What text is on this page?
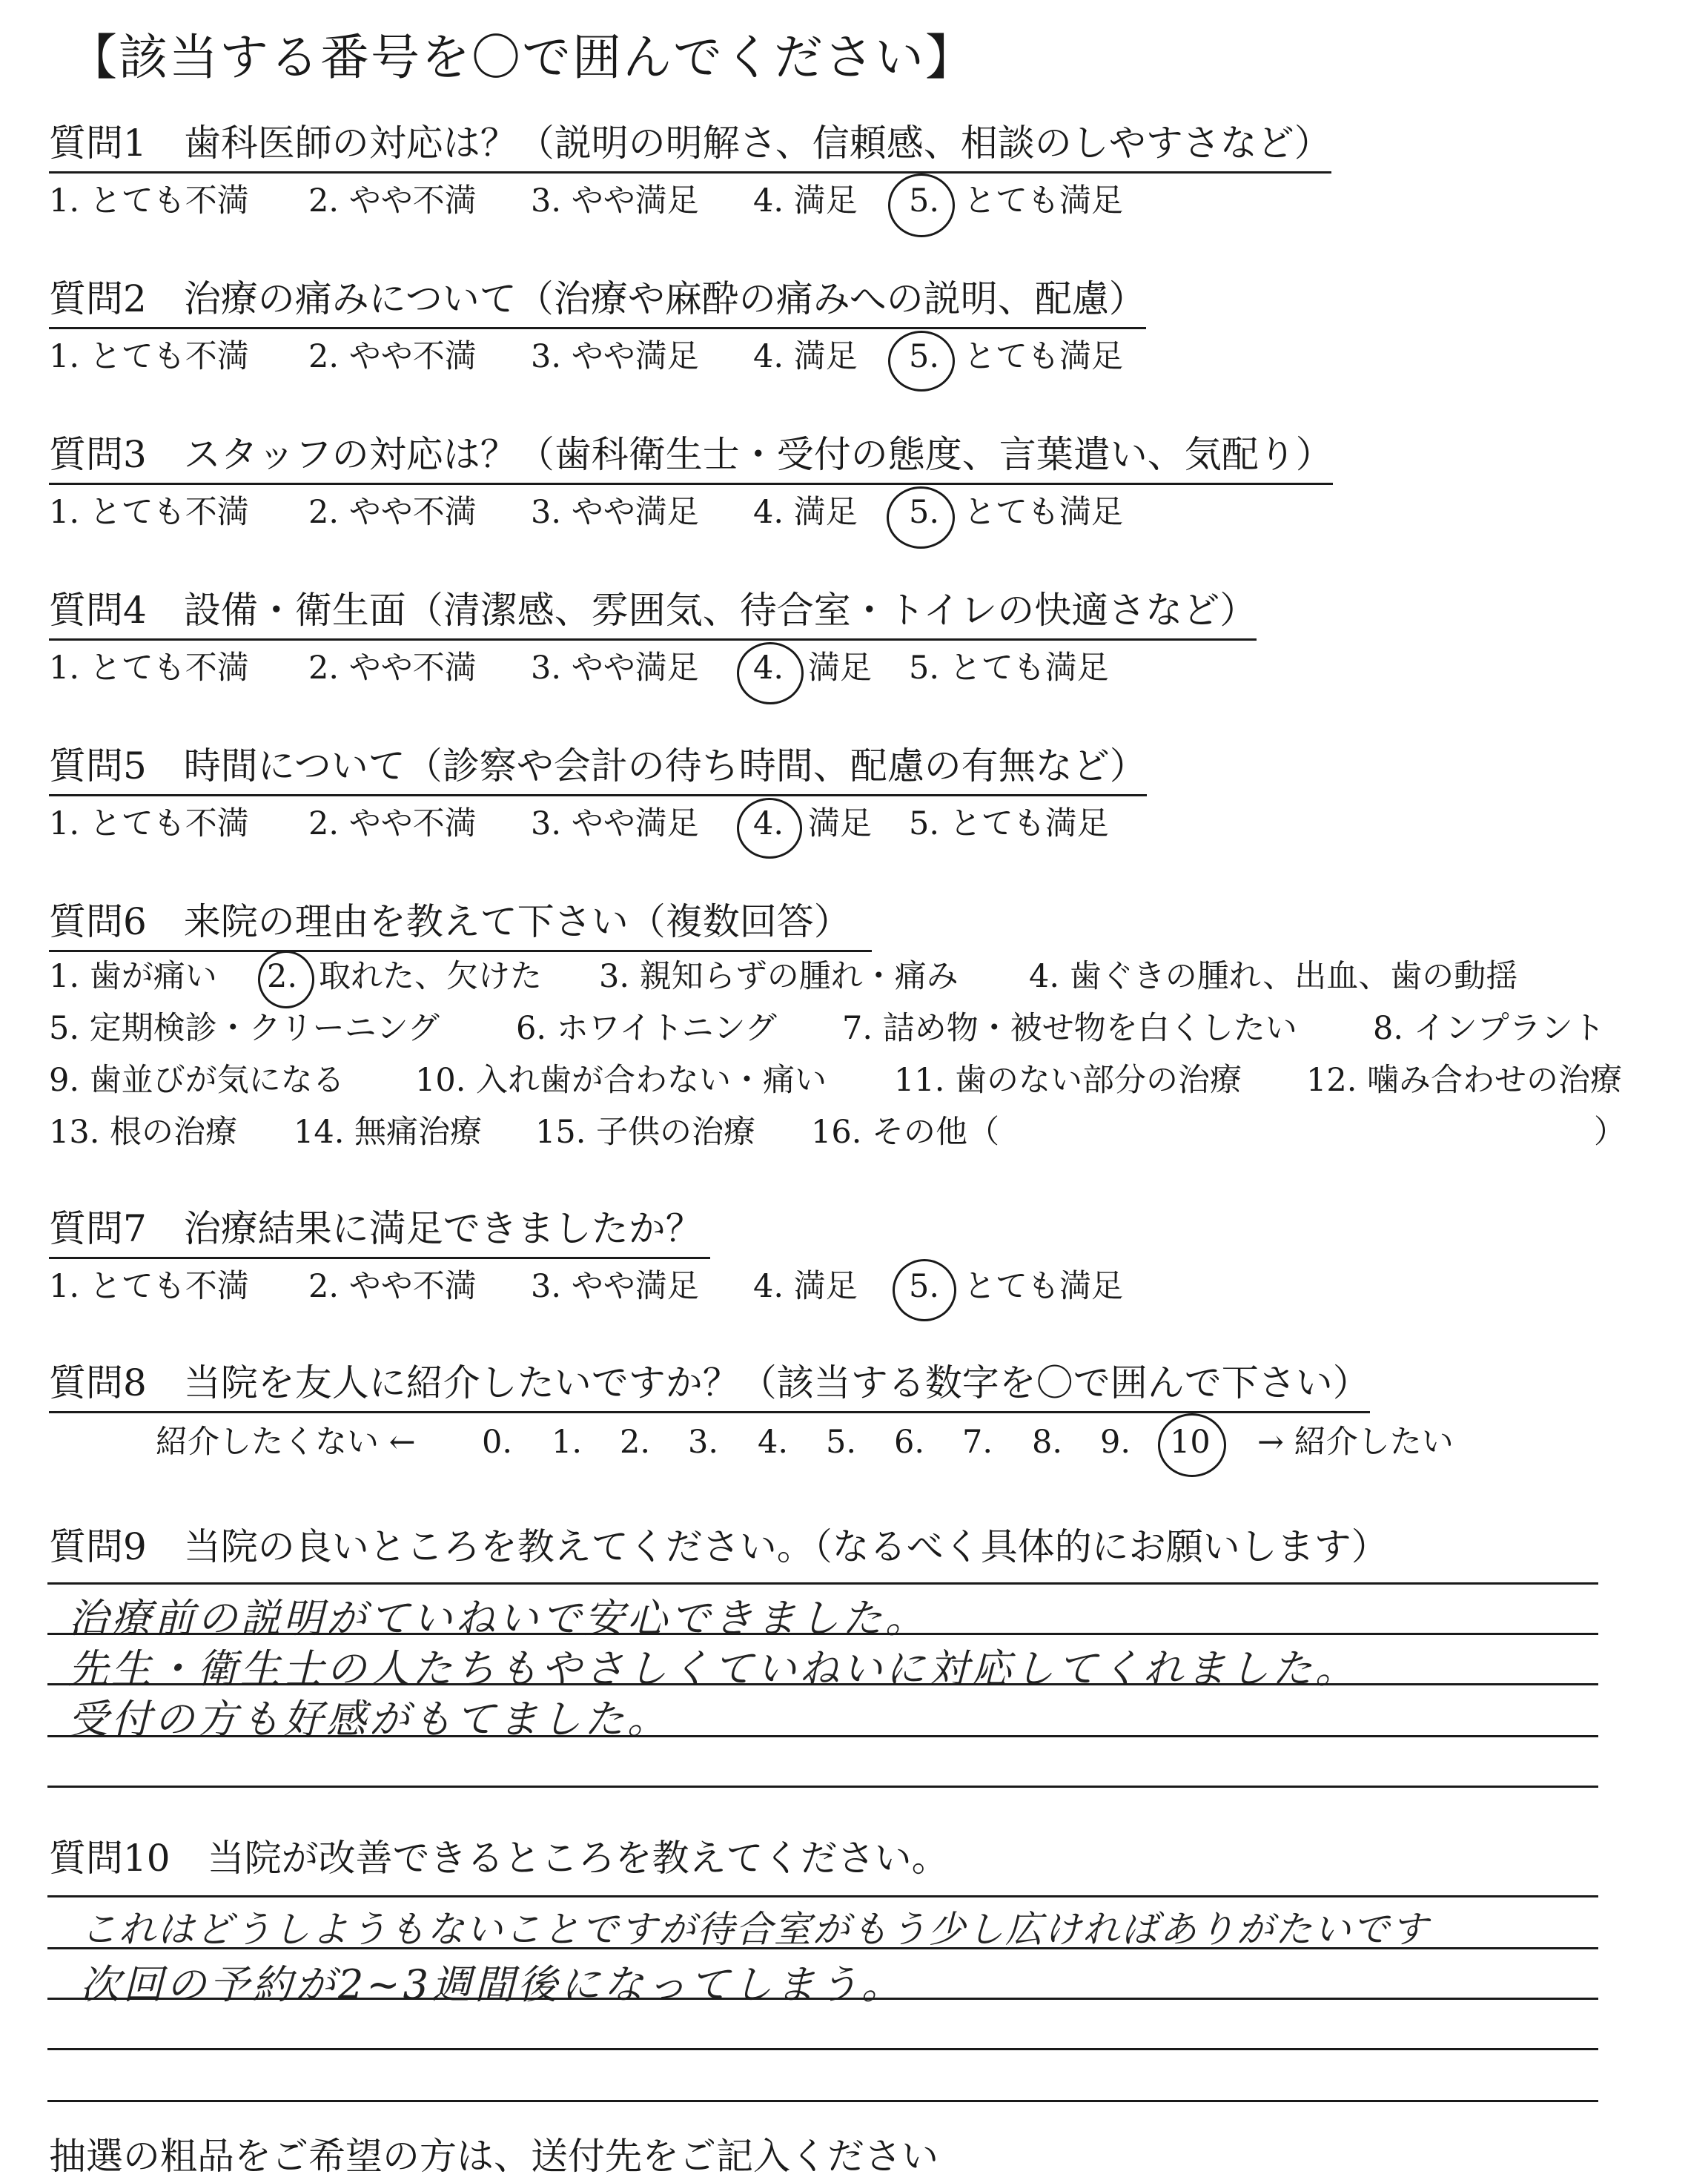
【該当する番号を〇で囲んでください】
質問1　歯科医師の対応は？（説明の明解さ、信頼感、相談のしやすさなど）
1. とても不満 2. やや不満 3. やや満足 4. 満足 5. とても満足
質問2　治療の痛みについて（治療や麻酔の痛みへの説明、配慮）
1. とても不満 2. やや不満 3. やや満足 4. 満足 5. とても満足
質問3　スタッフの対応は？（歯科衛生士・受付の態度、言葉遣い、気配り）
1. とても不満 2. やや不満 3. やや満足 4. 満足 5. とても満足
質問4　設備・衛生面（清潔感、雰囲気、待合室・トイレの快適さなど）
1. とても不満 2. やや不満 3. やや満足 4. 満足 5. とても満足
質問5　時間について（診察や会計の待ち時間、配慮の有無など）
1. とても不満 2. やや不満 3. やや満足 4. 満足 5. とても満足
質問6　来院の理由を教えて下さい（複数回答）
1. 歯が痛い 2. 取れた、欠けた 3. 親知らずの腫れ・痛み 4. 歯ぐきの腫れ、出血、歯の動揺
5. 定期検診・クリーニング 6. ホワイトニング 7. 詰め物・被せ物を白くしたい 8. インプラント
9. 歯並びが気になる 10. 入れ歯が合わない・痛い 11. 歯のない部分の治療 12. 噛み合わせの治療
13. 根の治療 14. 無痛治療 15. 子供の治療 16. その他（	）
質問7　治療結果に満足できましたか？
1. とても不満 2. やや不満 3. やや満足 4. 満足 5. とても満足
質問8　当院を友人に紹介したいですか？（該当する数字を〇で囲んで下さい）
紹介したくない ← 0. 1. 2. 3. 4. 5. 6. 7. 8. 9. 10 → 紹介したい
質問9　当院の良いところを教えてください。（なるべく具体的にお願いします）
治療前の説明がていねいで安心できました。
先生・衛生士の人たちもやさしくていねいに対応してくれました。
受付の方も好感がもてました。
質問10　当院が改善できるところを教えてください。
これはどうしようもないことですが待合室がもう少し広ければありがたいです
次回の予約が2~3週間後になってしまう。
抽選の粗品をご希望の方は、送付先をご記入ください
